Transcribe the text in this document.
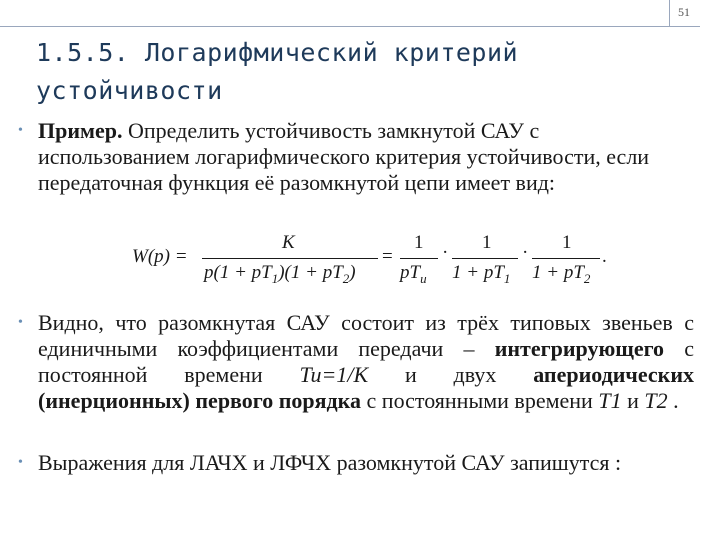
51
1.5.5. Логарифмический критерий устойчивости
• Пример. Определить устойчивость замкнутой САУ с использованием логарифмического критерия устойчивости, если передаточная функция её разомкнутой цепи имеет вид:
W(p) =
K
$p(1 + pT_1)(1 + pT_2)$
=
1
$pT_u$
· 1
$1 + pT_1$
· 1
$1 + pT_2$
.
• Видно, что разомкнутая САУ состоит из трёх типовых звеньев с единичными коэффициентами передачи – интегрирующего с постоянной времени Tu=1/K и двух апериодических (инерционных) первого порядка с постоянными времени T1 и T2 .
• Выражения для ЛАЧХ и ЛФЧХ разомкнутой САУ запишутся :
